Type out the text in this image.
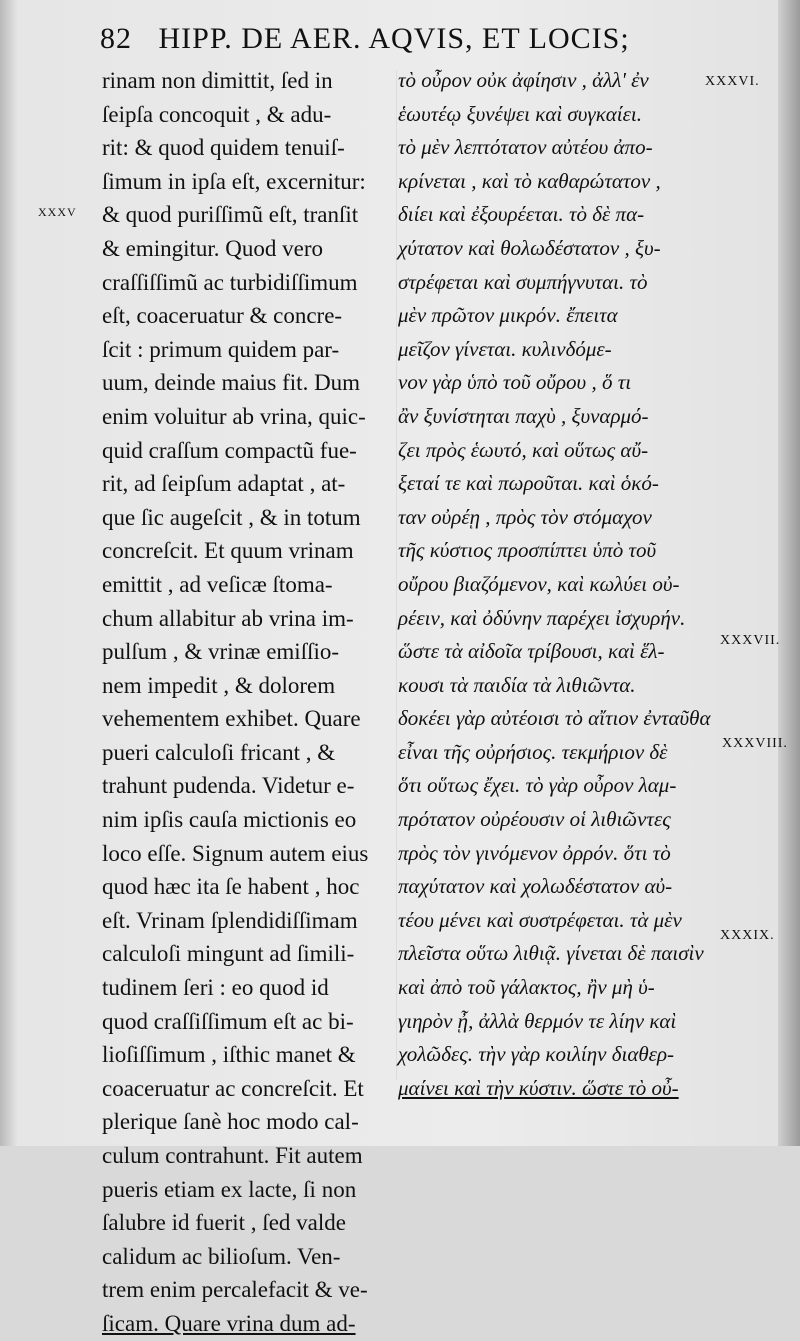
82 HIPP. DE AER. AQVIS, ET LOCIS;
rinam non dimittit, ſed in
ſeipſa concoquit , & adu-
rit: & quod quidem tenuiſ-
ſimum in ipſa eſt, excernitur:
& quod puriſſimũ eſt, tranſit
& emingitur. Quod vero
craſſiſſimũ ac turbidiſſimum
eſt, coaceruatur & concre-
ſcit : primum quidem par-
uum, deinde maius fit. Dum
enim voluitur ab vrina, quic-
quid craſſum compactũ fue-
rit, ad ſeipſum adaptat , at-
que ſic augeſcit , & in totum
concreſcit. Et quum vrinam
emittit , ad veſicæ ſtoma-
chum allabitur ab vrina im-
pulſum , & vrinæ emiſſio-
nem impedit , & dolorem
vehementem exhibet. Quare
pueri calculoſi fricant , &
trahunt pudenda. Videtur e-
nim ipſis cauſa mictionis eo
loco eſſe. Signum autem eius
quod hæc ita ſe habent , hoc
eſt. Vrinam ſplendidiſſimam
calculoſi mingunt ad ſimili-
tudinem ſeri : eo quod id
quod craſſiſſimum eſt ac bi-
lioſiſſimum , iſthic manet &
coaceruatur ac concreſcit. Et
plerique ſanè hoc modo cal-
culum contrahunt. Fit autem
pueris etiam ex lacte, ſi non
ſalubre id fuerit , ſed valde
calidum ac bilioſum. Ven-
trem enim percalefacit & ve-
ſicam. Quare vrina dum ad-
τὸ οὖρον οὐκ ἀφίησιν , ἀλλ' ἐν
ἑωυτέῳ ξυνέψει καὶ συγκαίει.
τὸ μὲν λεπτότατον αὐτέου ἀπο-
κρίνεται , καὶ τὸ καθαρώτατον ,
διίει καὶ ἐξουρέεται. τὸ δὲ πα-
χύτατον καὶ θολωδέστατον , ξυ-
στρέφεται καὶ συμπήγνυται. τὸ
μὲν πρῶτον μικρόν. ἔπειτα
μεῖζον γίνεται. κυλινδόμε-
νον γὰρ ὑπὸ τοῦ οὔρου , ὅ τι
ἂν ξυνίστηται παχὺ , ξυναρμό-
ζει πρὸς ἑωυτό, καὶ οὕτως αὔ-
ξεταί τε καὶ πωροῦται. καὶ ὁκό-
ταν οὐρέῃ , πρὸς τὸν στόμαχον
τῆς κύστιος προσπίπτει ὑπὸ τοῦ
οὔρου βιαζόμενον, καὶ κωλύει οὐ-
ρέειν, καὶ ὀδύνην παρέχει ἰσχυρήν.
ὥστε τὰ αἰδοῖα τρίβουσι, καὶ ἕλ-
κουσι τὰ παιδία τὰ λιθιῶντα.
δοκέει γὰρ αὐτέοισι τὸ αἴτιον ἐνταῦθα
εἶναι τῆς οὐρήσιος. τεκμήριον δὲ
ὅτι οὕτως ἔχει. τὸ γὰρ οὖρον λαμ-
πρότατον οὐρέουσιν οἱ λιθιῶντες
πρὸς τὸν γινόμενον ὀρρόν. ὅτι τὸ
παχύτατον καὶ χολωδέστατον αὐ-
τέου μένει καὶ συστρέφεται. τὰ μὲν
πλεῖστα οὕτω λιθιᾷ. γίνεται δὲ παισὶν
καὶ ἀπὸ τοῦ γάλακτος, ἢν μὴ ὑ-
γιηρὸν ᾖ, ἀλλὰ θερμόν τε λίην καὶ
χολῶδες. τὴν γὰρ κοιλίην διαθερ-
μαίνει καὶ τὴν κύστιν. ὥστε τὸ οὖ-
XXXVI.
XXXV
XXXVII.
XXXVIII.
XXXIX.
